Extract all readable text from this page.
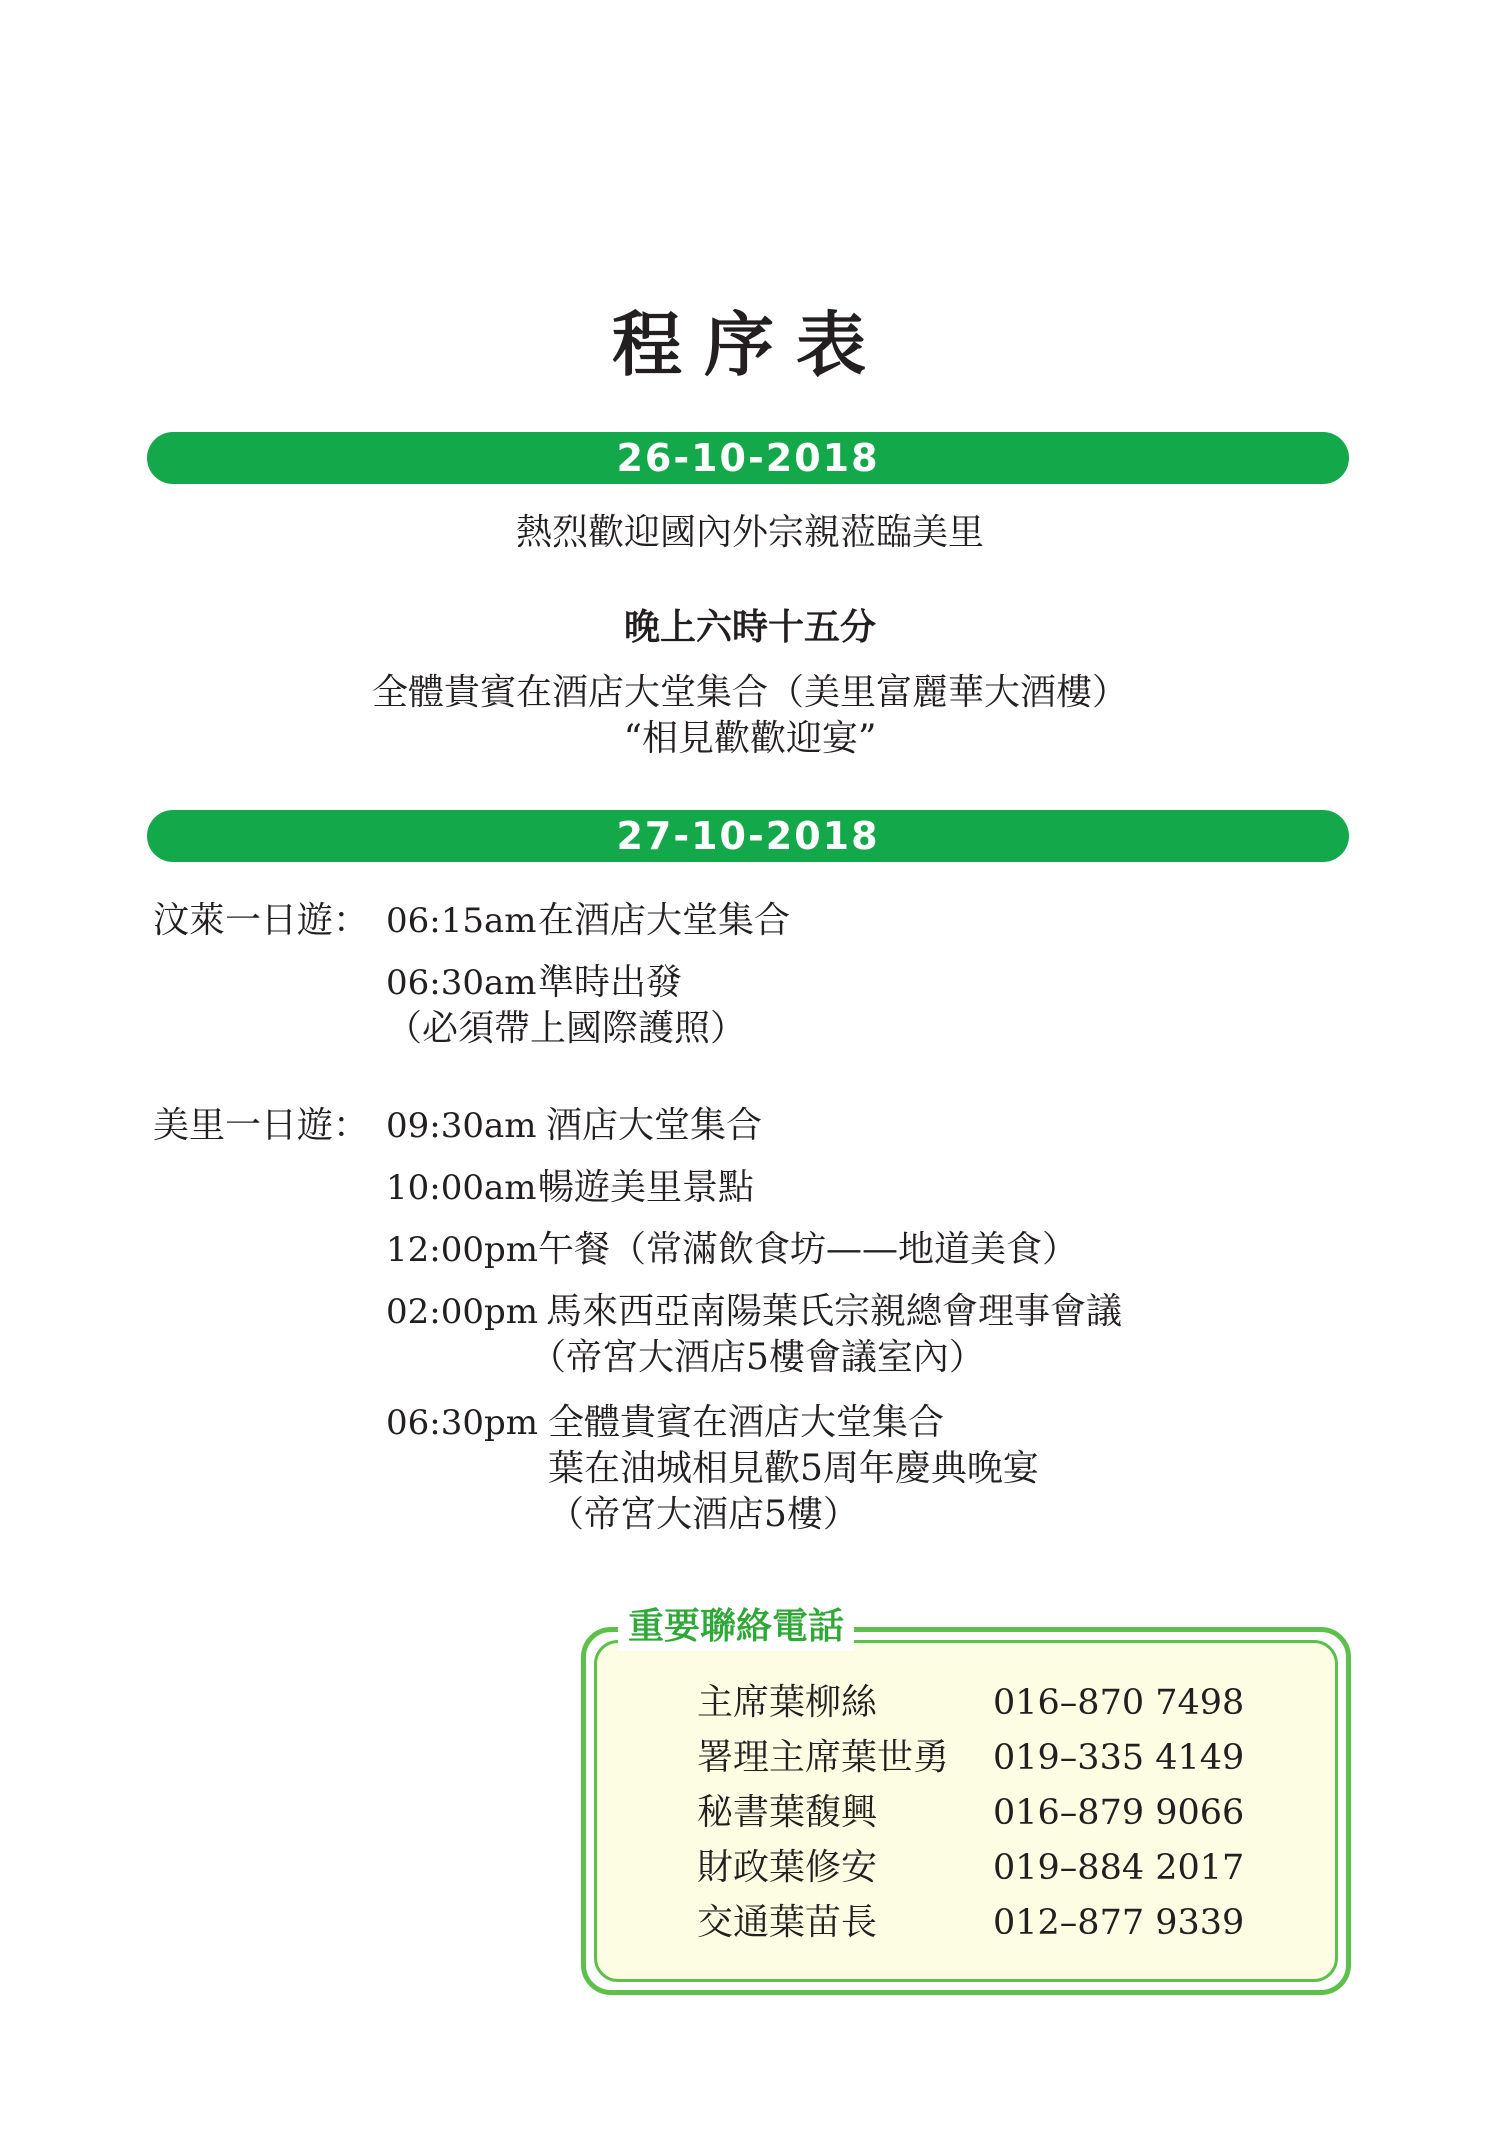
程序表
26-10-2018
熱烈歡迎國內外宗親蒞臨美里
晚上六時十五分
全體貴賓在酒店大堂集合（美里富麗華大酒樓）
“相見歡歡迎宴”
27-10-2018
汶萊一日遊： 06:15am 在酒店大堂集合
06:30am 準時出發
（必須帶上國際護照）
美里一日遊： 09:30am 酒店大堂集合
10:00am 暢遊美里景點
12:00pm 午餐（常滿飲食坊——地道美食）
02:00pm 馬來西亞南陽葉氏宗親總會理事會議
（帝宮大酒店5樓會議室內）
06:30pm 全體貴賓在酒店大堂集合
葉在油城相見歡5周年慶典晚宴
（帝宮大酒店5樓）
重要聯絡電話
主席葉柳絲	016–870 7498
署理主席葉世勇 019–335 4149
秘書葉馥興	016–879 9066
財政葉修安	019–884 2017
交通葉苗長	012–877 9339
